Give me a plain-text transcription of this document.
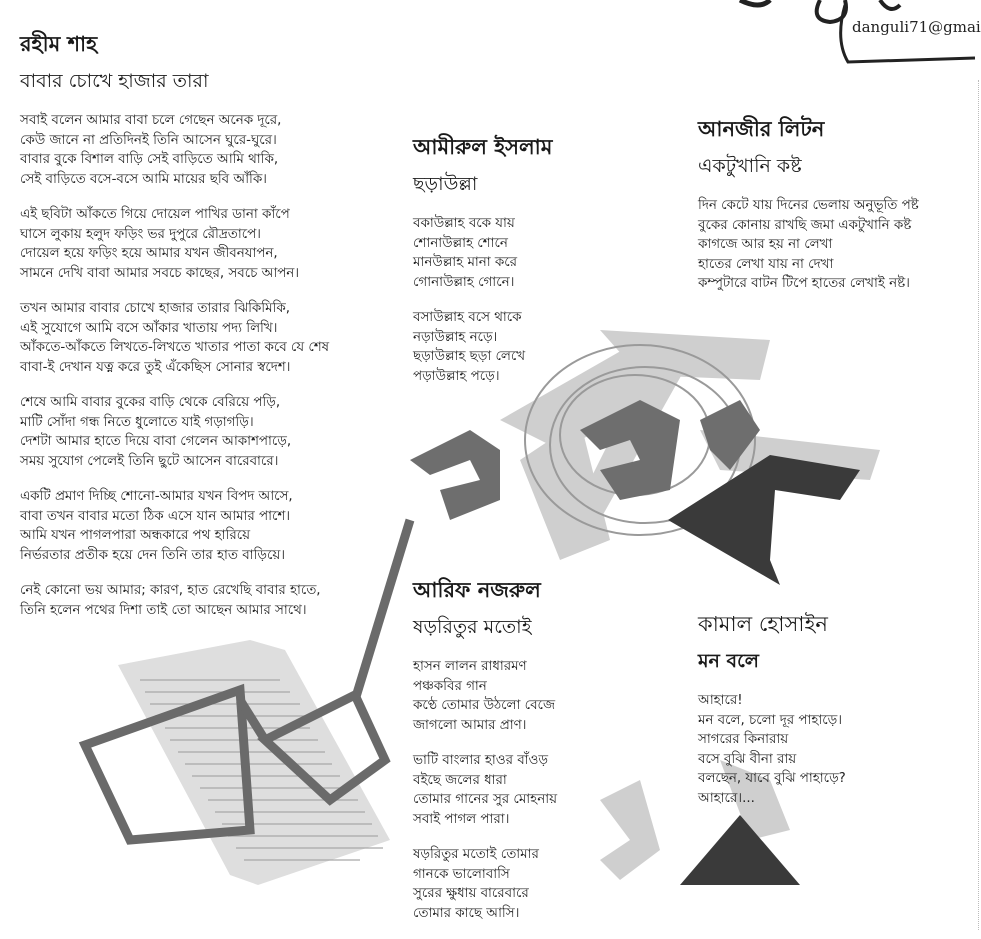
danguli71@gmai
রহীম শাহ
বাবার চোখে হাজার তারা
সবাই বলেন আমার বাবা চলে গেছেন অনেক দূরে,
কেউ জানে না প্রতিদিনই তিনি আসেন ঘুরে-ঘুরে।
বাবার বুকে বিশাল বাড়ি সেই বাড়িতে আমি থাকি,
সেই বাড়িতে বসে-বসে আমি মায়ের ছবি আঁকি।
এই ছবিটা আঁকতে গিয়ে দোয়েল পাখির ডানা কাঁপে
ঘাসে লুকায় হলুদ ফড়িং ভর দুপুরে রৌদ্রতাপে।
দোয়েল হয়ে ফড়িং হয়ে আমার যখন জীবনযাপন,
সামনে দেখি বাবা আমার সবচে কাছের, সবচে আপন।
তখন আমার বাবার চোখে হাজার তারার ঝিকিমিকি,
এই সুযোগে আমি বসে আঁকার খাতায় পদ্য লিখি।
আঁকতে-আঁকতে লিখতে-লিখতে খাতার পাতা কবে যে শেষ
বাবা-ই দেখান যত্ন করে তুই এঁকেছিস সোনার স্বদেশ।
শেষে আমি বাবার বুকের বাড়ি থেকে বেরিয়ে পড়ি,
মাটি সোঁদা গন্ধ নিতে ধুলোতে যাই গড়াগড়ি।
দেশটা আমার হাতে দিয়ে বাবা গেলেন আকাশপাড়ে,
সময় সুযোগ পেলেই তিনি ছুটে আসেন বারেবারে।
একটি প্রমাণ দিচ্ছি শোনো-আমার যখন বিপদ আসে,
বাবা তখন বাবার মতো ঠিক এসে যান আমার পাশে।
আমি যখন পাগলপারা অন্ধকারে পথ হারিয়ে
নির্ভরতার প্রতীক হয়ে দেন তিনি তার হাত বাড়িয়ে।
নেই কোনো ভয় আমার; কারণ, হাত রেখেছি বাবার হাতে,
তিনি হলেন পথের দিশা তাই তো আছেন আমার সাথে।
আমীরুল ইসলাম
ছড়াউল্লা
বকাউল্লাহ বকে যায়
শোনাউল্লাহ শোনে
মানউল্লাহ মানা করে
গোনাউল্লাহ গোনে।
বসাউল্লাহ বসে থাকে
নড়াউল্লাহ নড়ে।
ছড়াউল্লাহ ছড়া লেখে
পড়াউল্লাহ পড়ে।
আনজীর লিটন
একটুখানি কষ্ট
দিন কেটে যায় দিনের ভেলায় অনুভূতি পষ্ট
বুকের কোনায় রাখছি জমা একটুখানি কষ্ট
কাগজে আর হয় না লেখা
হাতের লেখা যায় না দেখা
কম্পুটারে বাটন টিপে হাতের লেখাই নষ্ট।
আরিফ নজরুল
ষড়রিতুর মতোই
হাসন লালন রাধারমণ
পঞ্চকবির গান
কণ্ঠে তোমার উঠলো বেজে
জাগলো আমার প্রাণ।
ভাটি বাংলার হাওর বাঁওড়
বইছে জলের ধারা
তোমার গানের সুর মোহনায়
সবাই পাগল পারা।
ষড়রিতুর মতোই তোমার
গানকে ভালোবাসি
সুরের ক্ষুধায় বারেবারে
তোমার কাছে আসি।
কামাল হোসাইন
মন বলে
আহারে!
মন বলে, চলো দূর পাহাড়ে।
সাগরের কিনারায়
বসে বুঝি বীনা রায়
বলছেন, যাবে বুঝি পাহাড়ে?
আহারে।...
